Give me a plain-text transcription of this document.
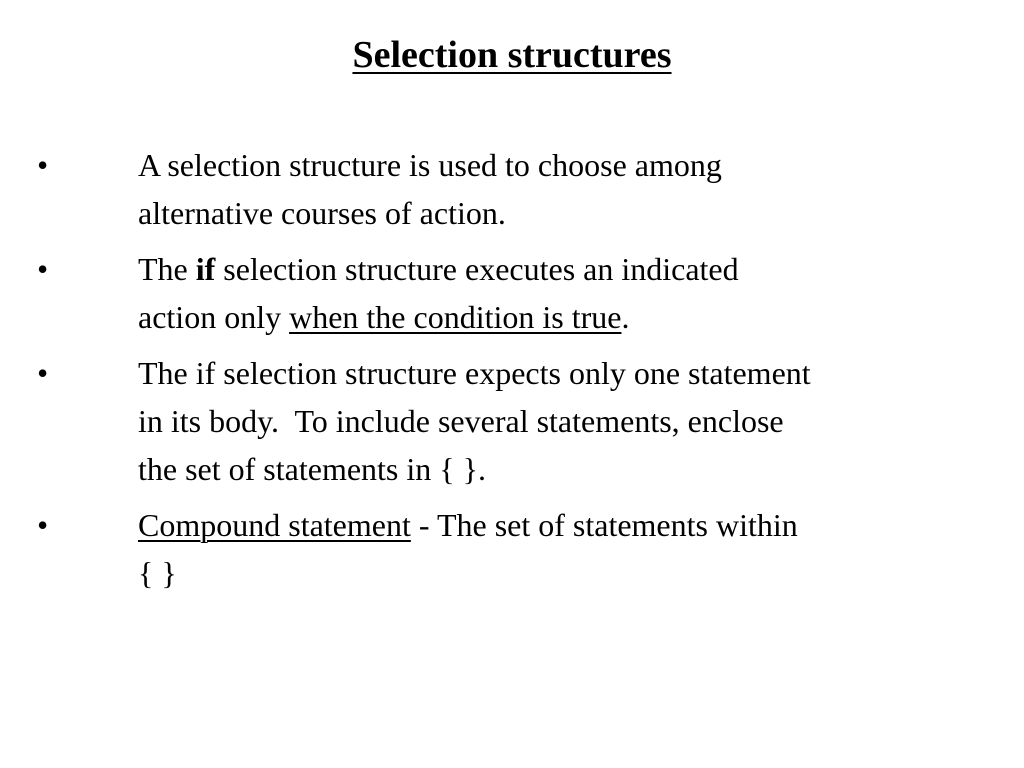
Selection structures
•	A selection structure is used to choose among
alternative courses of action.
•	The if selection structure executes an indicated
action only when the condition is true.
•	The if selection structure expects only one statement
in its body.  To include several statements, enclose
the set of statements in { }.
•	Compound statement - The set of statements within
{ }
